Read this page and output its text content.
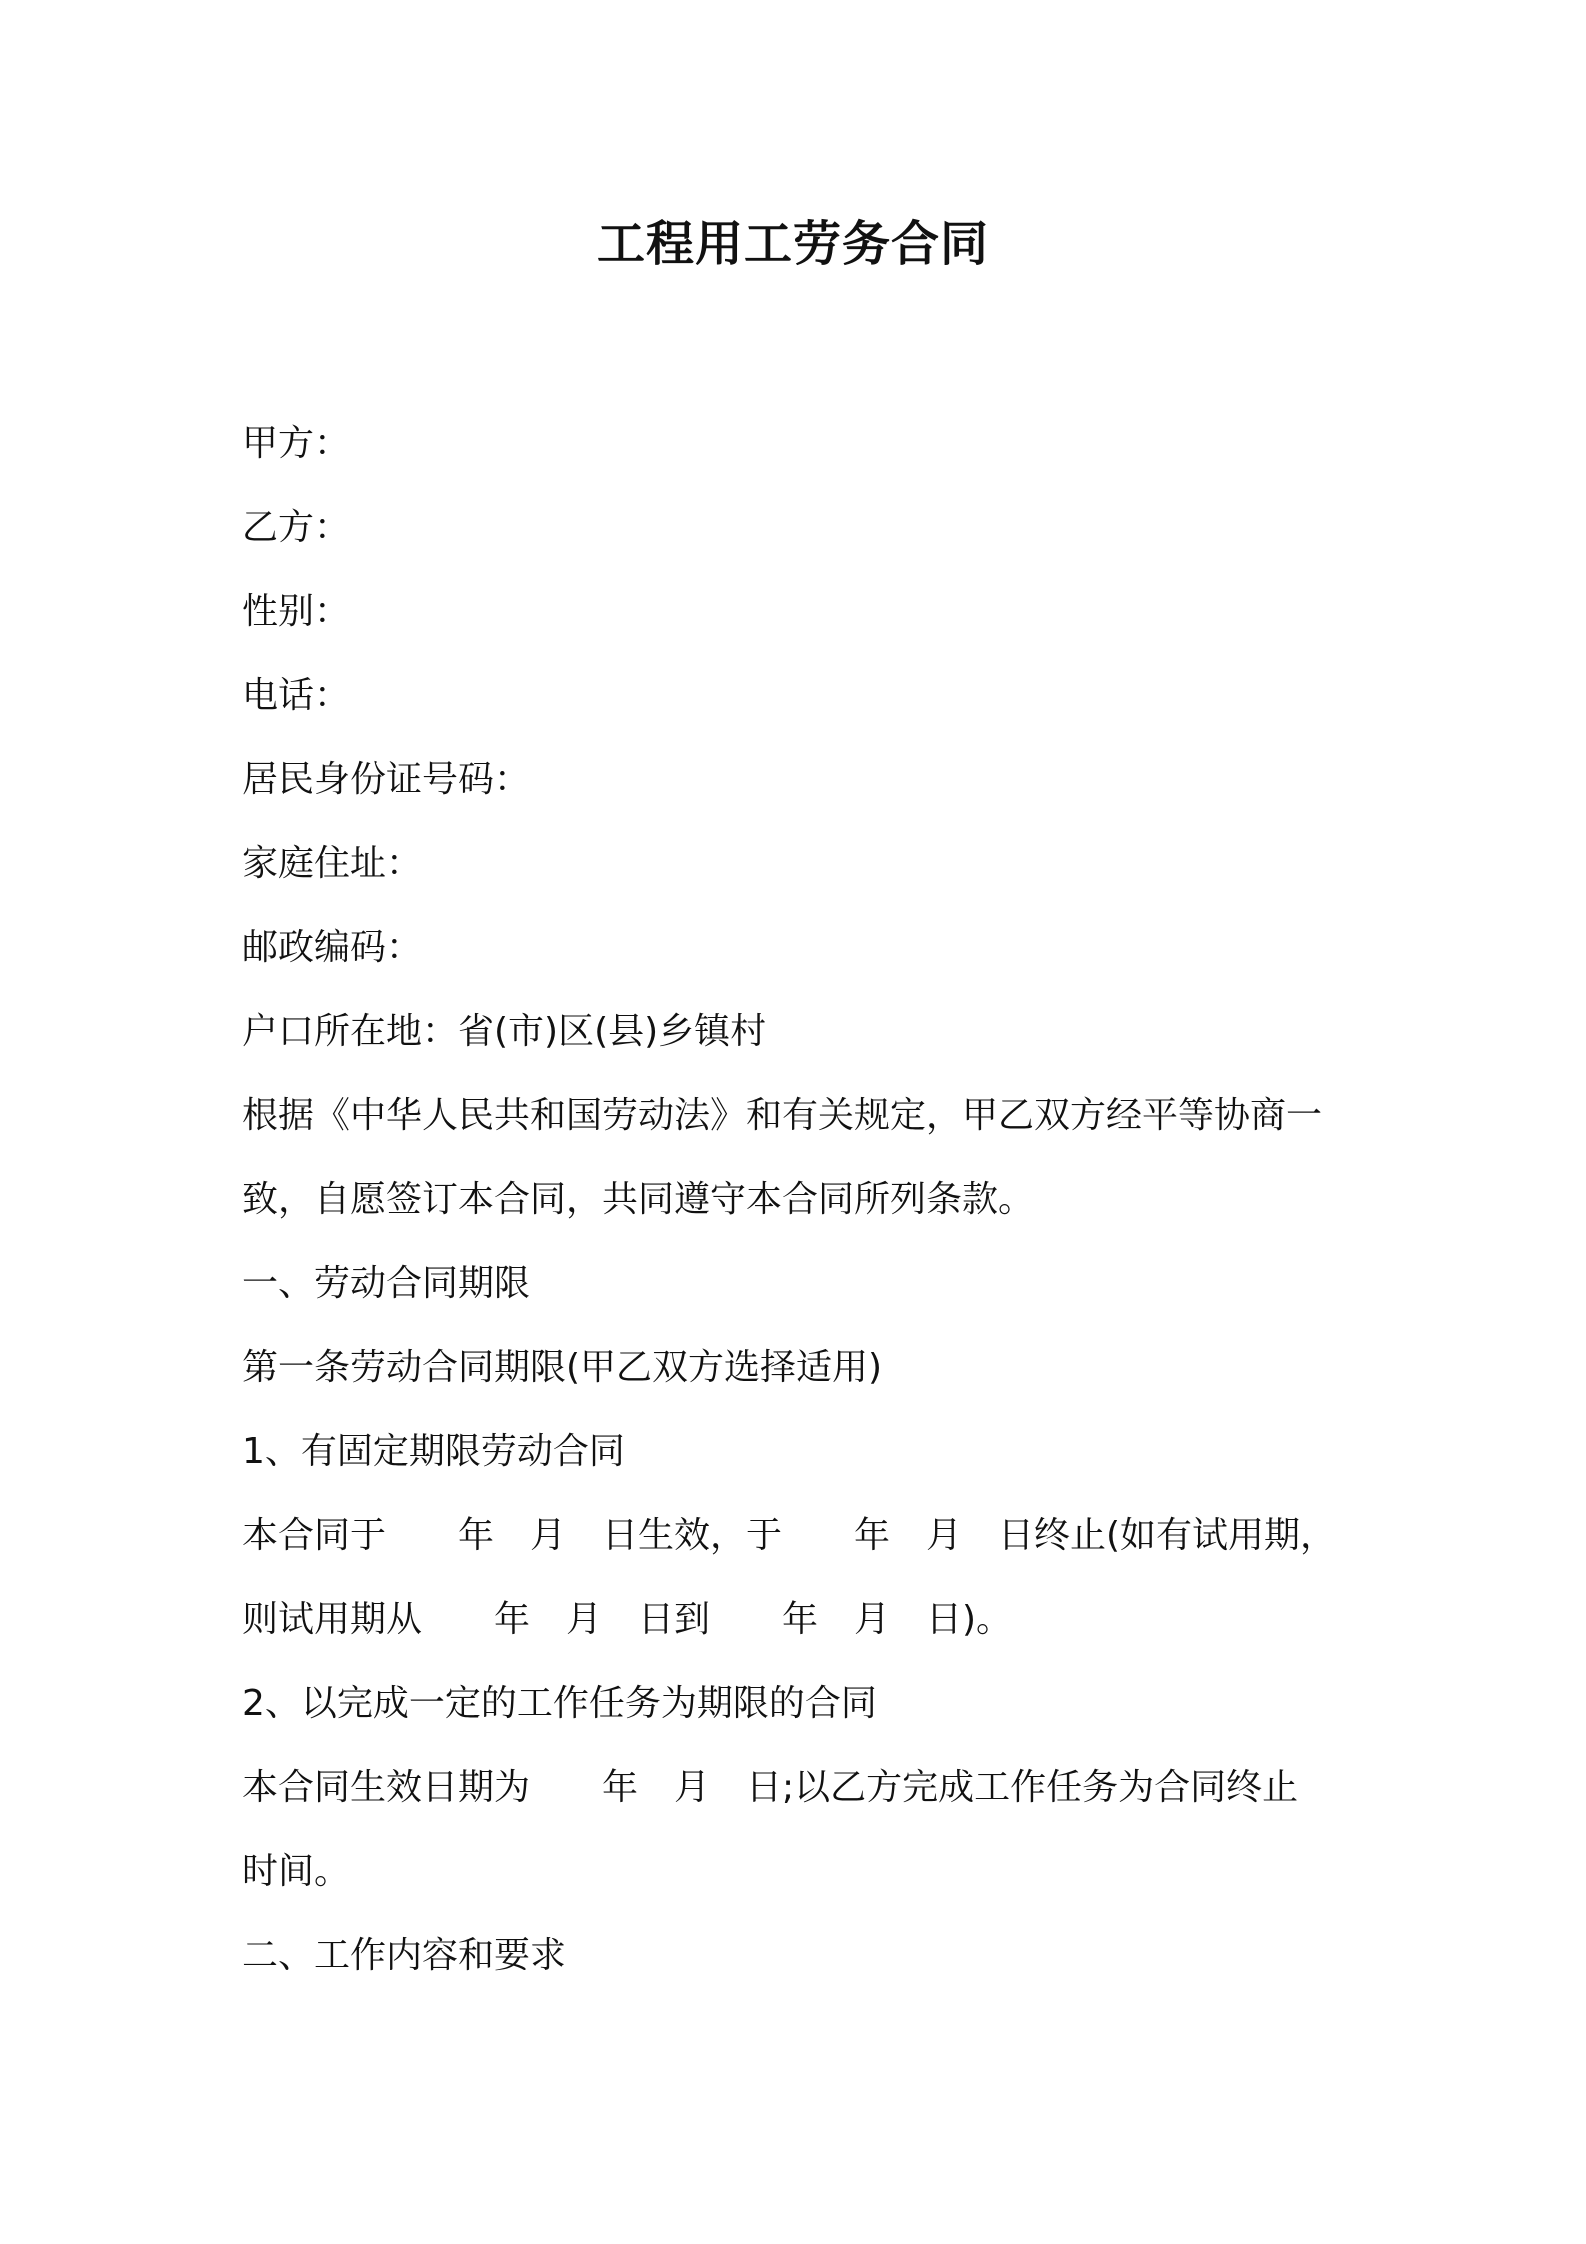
工程用工劳务合同
甲方：
乙方：
性别：
电话：
居民身份证号码：
家庭住址：
邮政编码：
户口所在地：省(市)区(县)乡镇村
根据《中华人民共和国劳动法》和有关规定，甲乙双方经平等协商一
致，自愿签订本合同，共同遵守本合同所列条款。
一、劳动合同期限
第一条劳动合同期限(甲乙双方选择适用)
1、有固定期限劳动合同
本合同于　　年　月　日生效，于　　年　月　日终止(如有试用期，
则试用期从　　年　月　日到　　年　月　日)。
2、以完成一定的工作任务为期限的合同
本合同生效日期为　　年　月　日;以乙方完成工作任务为合同终止
时间。
二、工作内容和要求
